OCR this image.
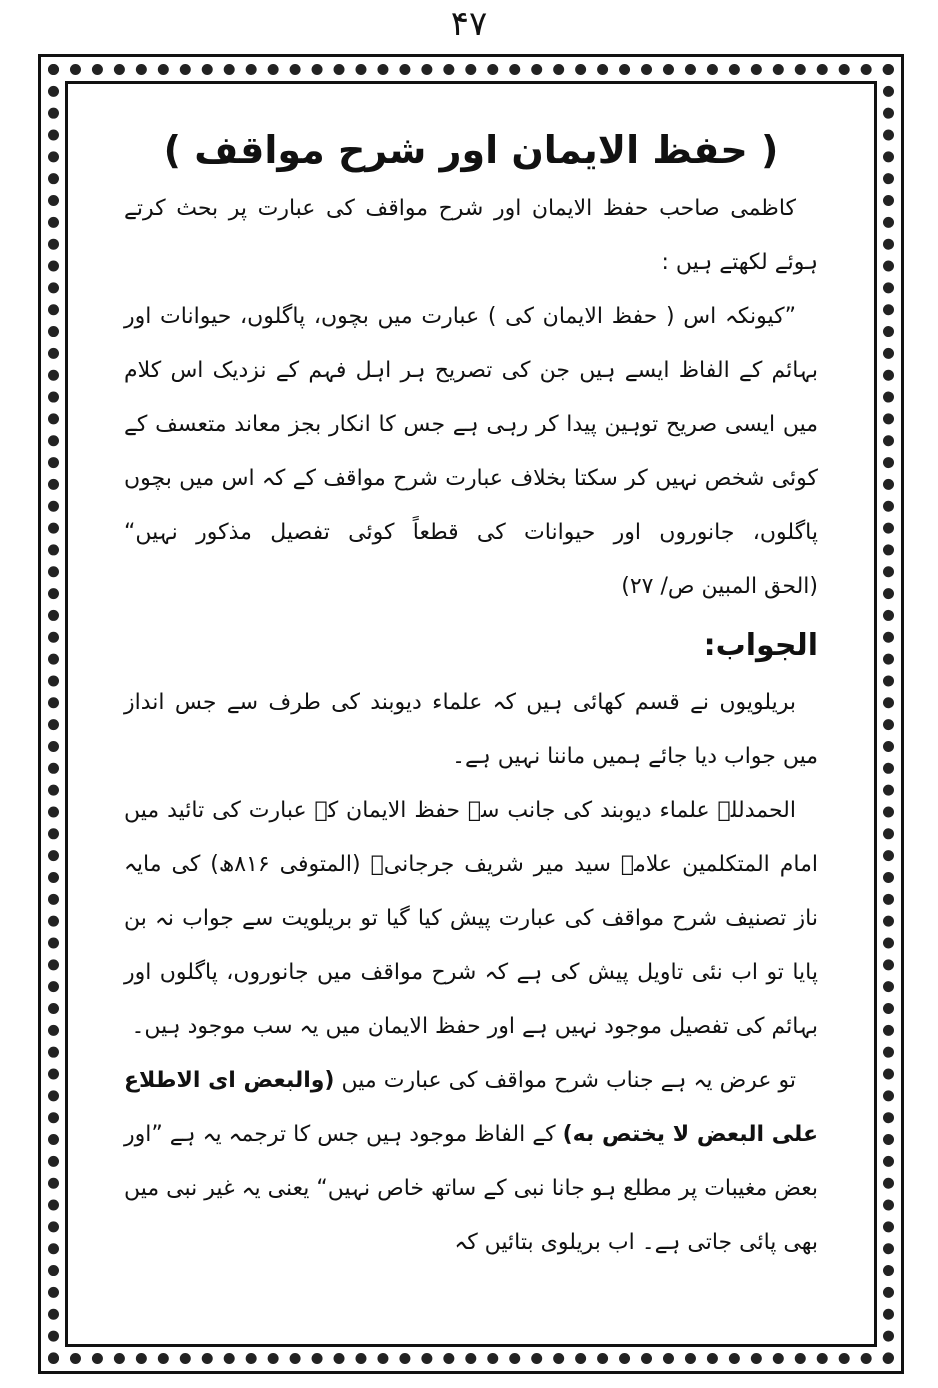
۴۷
( حفظ الایمان اور شرح مواقف )

کاظمی صاحب حفظ الایمان اور شرح مواقف کی عبارت پر بحث کرتے ہوئے لکھتے ہیں :

”کیونکہ اس ( حفظ الایمان کی ) عبارت میں بچوں، پاگلوں، حیوانات اور بہائم کے الفاظ ایسے ہیں جن کی تصریح ہر اہل فہم کے نزدیک اس کلام میں ایسی صریح توہین پیدا کر رہی ہے جس کا انکار بجز معاند متعسف کے کوئی شخص نہیں کر سکتا بخلاف عبارت شرح مواقف کے کہ اس میں بچوں پاگلوں، جانوروں اور حیوانات کی قطعاً کوئی تفصیل مذکور نہیں“ (الحق المبین ص/ ۲۷)

الجواب:

بریلویوں نے قسم کھائی ہیں کہ علماء دیوبند کی طرف سے جس انداز میں جواب دیا جائے ہمیں ماننا نہیں ہے۔

الحمدللہ علماء دیوبند کی جانب سے حفظ الایمان کے عبارت کی تائید میں امام المتکلمین علامہ سید میر شریف جرجانیؒ (المتوفی ۸۱۶ھ) کی مایہ ناز تصنیف شرح مواقف کی عبارت پیش کیا گیا تو بریلویت سے جواب نہ بن پایا تو اب نئی تاویل پیش کی ہے کہ شرح مواقف میں جانوروں، پاگلوں اور بہائم کی تفصیل موجود نہیں ہے اور حفظ الایمان میں یہ سب موجود ہیں۔

تو عرض یہ ہے جناب شرح مواقف کی عبارت میں (والبعض ای الاطلاع علی البعض لا یختص به) کے الفاظ موجود ہیں جس کا ترجمہ یہ ہے ”اور بعض مغیبات پر مطلع ہو جانا نبی کے ساتھ خاص نہیں“ یعنی یہ غیر نبی میں بھی پائی جاتی ہے۔ اب بریلوی بتائیں کہ
